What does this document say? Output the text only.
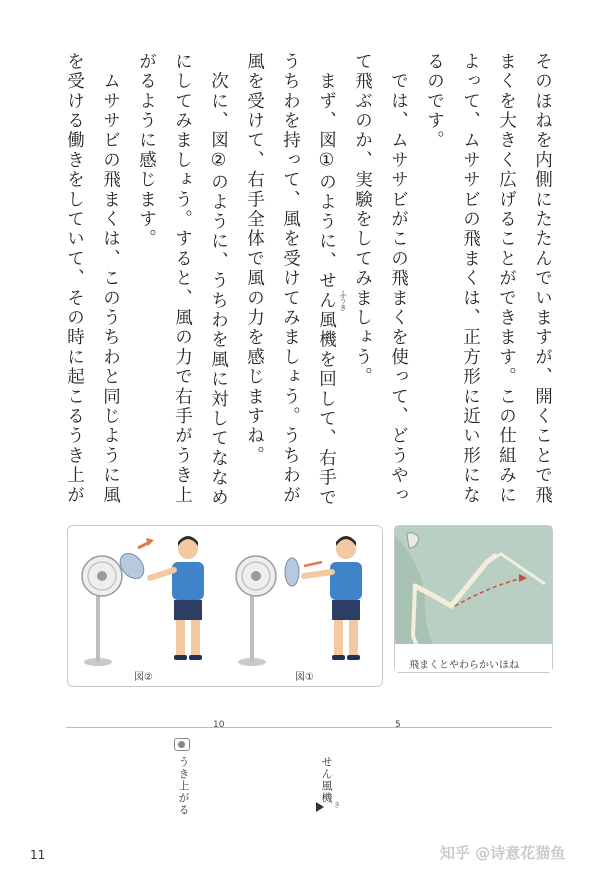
そのほねを内側にたたんでいますが、開くことで飛
まくを大きく広げることができます。この仕組みに
よって、ムササビの飛まくは、正方形に近い形にな
るのです。
　では、ムササビがこの飛まくを使って、どうやっ
て飛ぶのか、実験をしてみましょう。
　まず、図①のように、せん風機を回して、右手で
うちわを持って、風を受けてみましょう。うちわが
風を受けて、右手全体で風の力を感じますね。
　次に、図②のように、うちわを風に対してななめ
にしてみましょう。すると、風の力で右手がうき上
がるように感じます。
　ムササビの飛まくは、このうちわと同じように風
を受ける働きをしていて、その時に起こるうき上が	ふうき
図②	図①
飛まくとやわらかいほね
10	5
うき上がる	せん風機
き
11	知乎 @诗意花猫鱼
